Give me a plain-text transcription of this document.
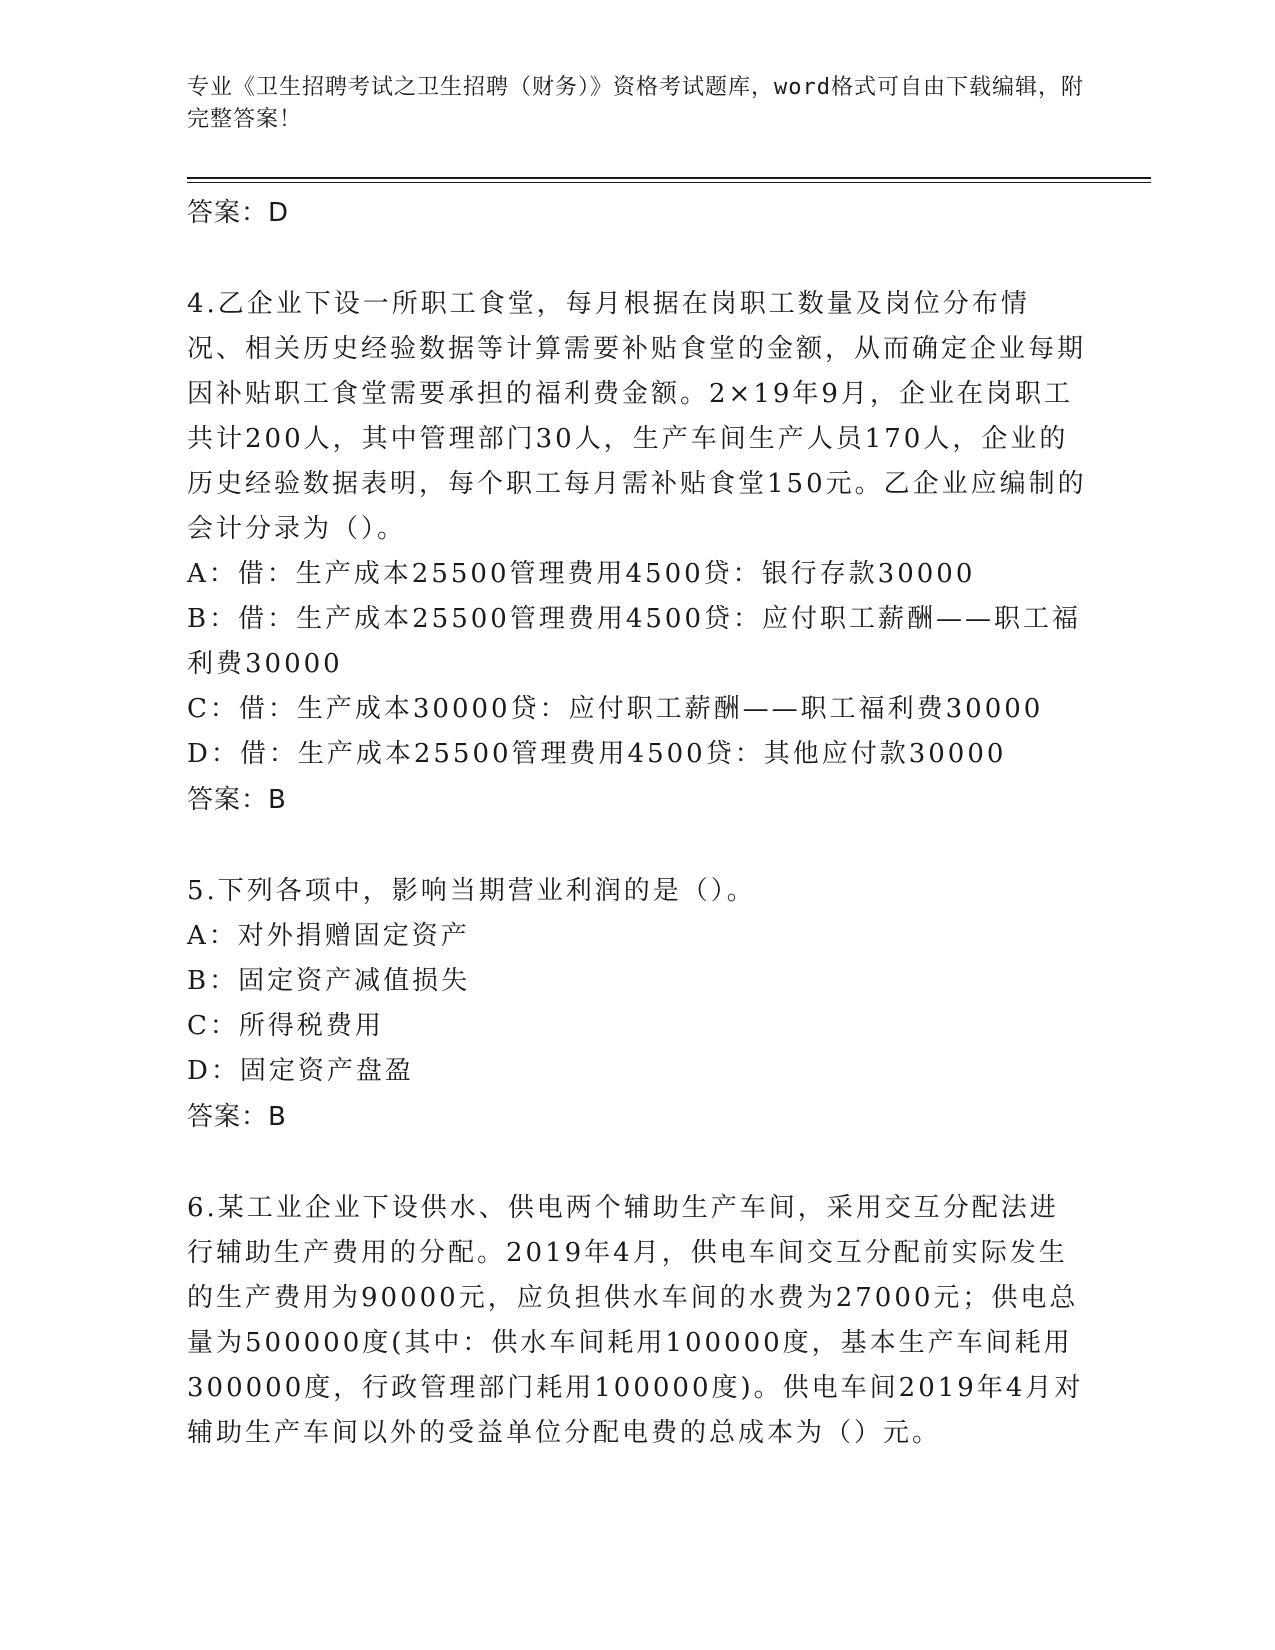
专业《卫生招聘考试之卫生招聘（财务）》资格考试题库，word格式可自由下载编辑，附完整答案！

答案：D

4.乙企业下设一所职工食堂，每月根据在岗职工数量及岗位分布情况、相关历史经验数据等计算需要补贴食堂的金额，从而确定企业每期因补贴职工食堂需要承担的福利费金额。2×19年9月，企业在岗职工共计200人，其中管理部门30人，生产车间生产人员170人，企业的历史经验数据表明，每个职工每月需补贴食堂150元。乙企业应编制的会计分录为（）。

A：借：生产成本25500管理费用4500贷：银行存款30000

B：借：生产成本25500管理费用4500贷：应付职工薪酬——职工福利费30000

C：借：生产成本30000贷：应付职工薪酬——职工福利费30000

D：借：生产成本25500管理费用4500贷：其他应付款30000

答案：B

5.下列各项中，影响当期营业利润的是（）。

A：对外捐赠固定资产

B：固定资产减值损失

C：所得税费用

D：固定资产盘盈

答案：B

6.某工业企业下设供水、供电两个辅助生产车间，采用交互分配法进行辅助生产费用的分配。2019年4月，供电车间交互分配前实际发生的生产费用为90000元，应负担供水车间的水费为27000元；供电总量为500000度(其中：供水车间耗用100000度，基本生产车间耗用300000度，行政管理部门耗用100000度)。供电车间2019年4月对辅助生产车间以外的受益单位分配电费的总成本为（）元。
